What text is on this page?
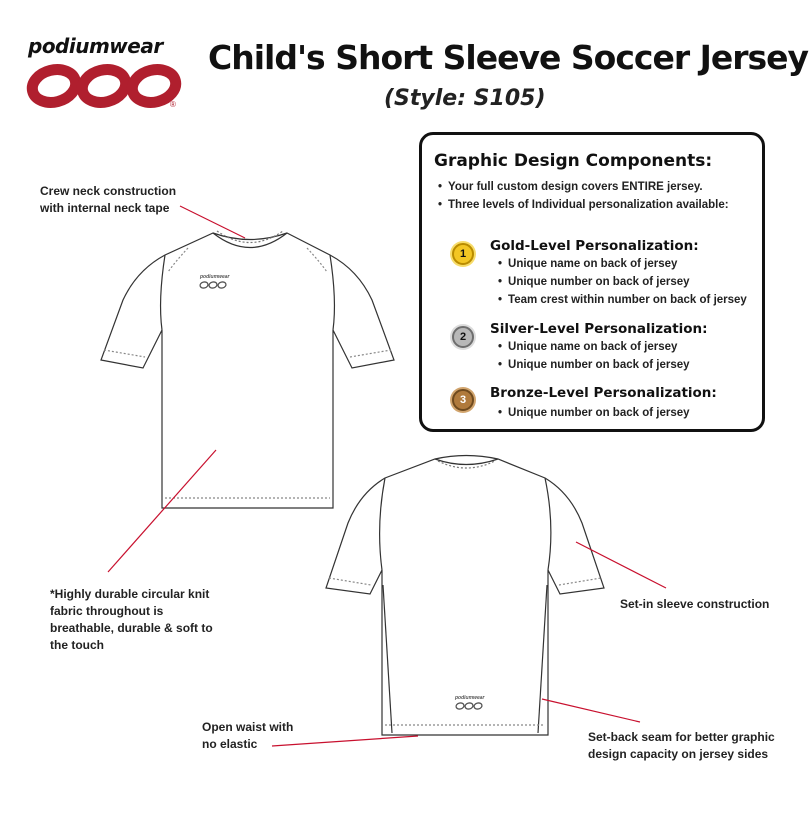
podiumwear
®
Child's Short Sleeve Soccer Jersey
(Style: S105)
podiumwear
podiumwear
Graphic Design Components:
• Your full custom design covers ENTIRE jersey.
• Three levels of Individual personalization available:
1	Gold-Level Personalization:
• Unique name on back of jersey
• Unique number on back of jersey
• Team crest within number on back of jersey
2	Silver-Level Personalization:
• Unique name on back of jersey
• Unique number on back of jersey
3	Bronze-Level Personalization:
• Unique number on back of jersey
Crew neck construction
with internal neck tape
*Highly durable circular knit
fabric throughout is
breathable, durable & soft to
the touch
Set-in sleeve construction
Open waist with
no elastic	Set-back seam for better graphic
design capacity on jersey sides
